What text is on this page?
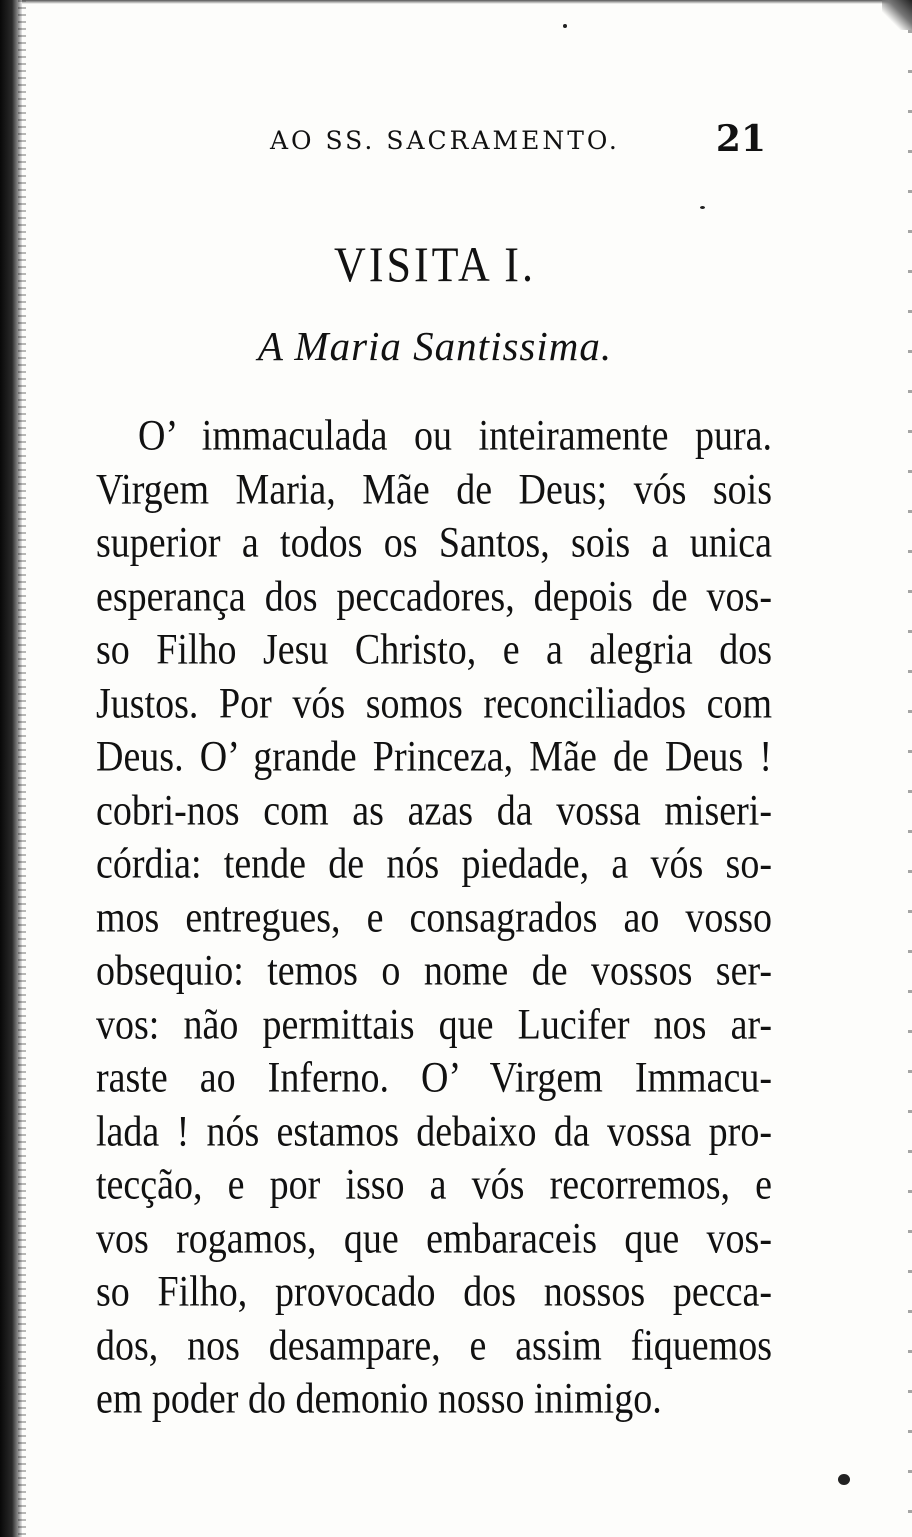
AO SS. SACRAMENTO.	21
VISITA I.
A Maria Santissima.
O’ immaculada ou inteiramente pura.
Virgem Maria, Mãe de Deus; vós sois
superior a todos os Santos, sois a unica
esperança dos peccadores, depois de vos-
so Filho Jesu Christo, e a alegria dos
Justos. Por vós somos reconciliados com
Deus. O’ grande Princeza, Mãe de Deus !
cobri-nos com as azas da vossa miseri-
córdia: tende de nós piedade, a vós so-
mos entregues, e consagrados ao vosso
obsequio: temos o nome de vossos ser-
vos: não permittais que Lucifer nos ar-
raste ao Inferno. O’ Virgem Immacu-
lada ! nós estamos debaixo da vossa pro-
tecção, e por isso a vós recorremos, e
vos rogamos, que embaraceis que vos-
so Filho, provocado dos nossos pecca-
dos, nos desampare, e assim fiquemos
em poder do demonio nosso inimigo.
